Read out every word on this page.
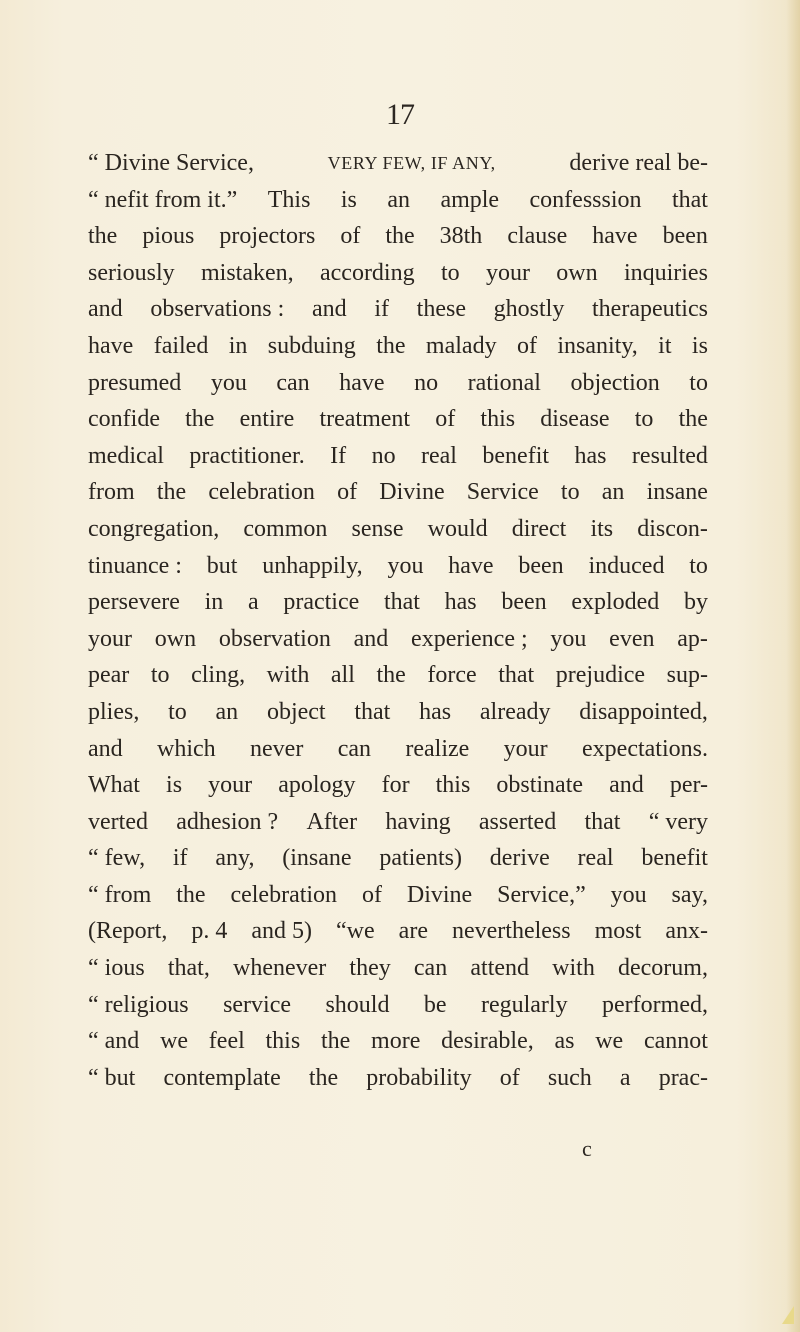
17
“ Divine Service,	VERY FEW, IF ANY,	derive real be-
“ nefit from it.” This is an ample confesssion that
the pious projectors of the 38th clause have been
seriously mistaken, according to your own inquiries
and observations : and if these ghostly therapeutics
have failed in subduing the malady of insanity, it is
presumed you can have no rational objection to
confide the entire treatment of this disease to the
medical practitioner. If no real benefit has resulted
from the celebration of Divine Service to an insane
congregation, common sense would direct its discon-
tinuance : but unhappily, you have been induced to
persevere in a practice that has been exploded by
your own observation and experience ; you even ap-
pear to cling, with all the force that prejudice sup-
plies, to an object that has already disappointed,
and which never can realize your expectations.
What is your apology for this obstinate and per-
verted adhesion ? After having asserted that “ very
“ few, if any, (insane patients) derive real benefit
“ from the celebration of Divine Service,” you say,
(Report, p. 4 and 5) “we are nevertheless most anx-
“ ious that, whenever they can attend with decorum,
“ religious service should be regularly performed,
“ and we feel this the more desirable, as we cannot
“ but contemplate the probability of such a prac-
c
